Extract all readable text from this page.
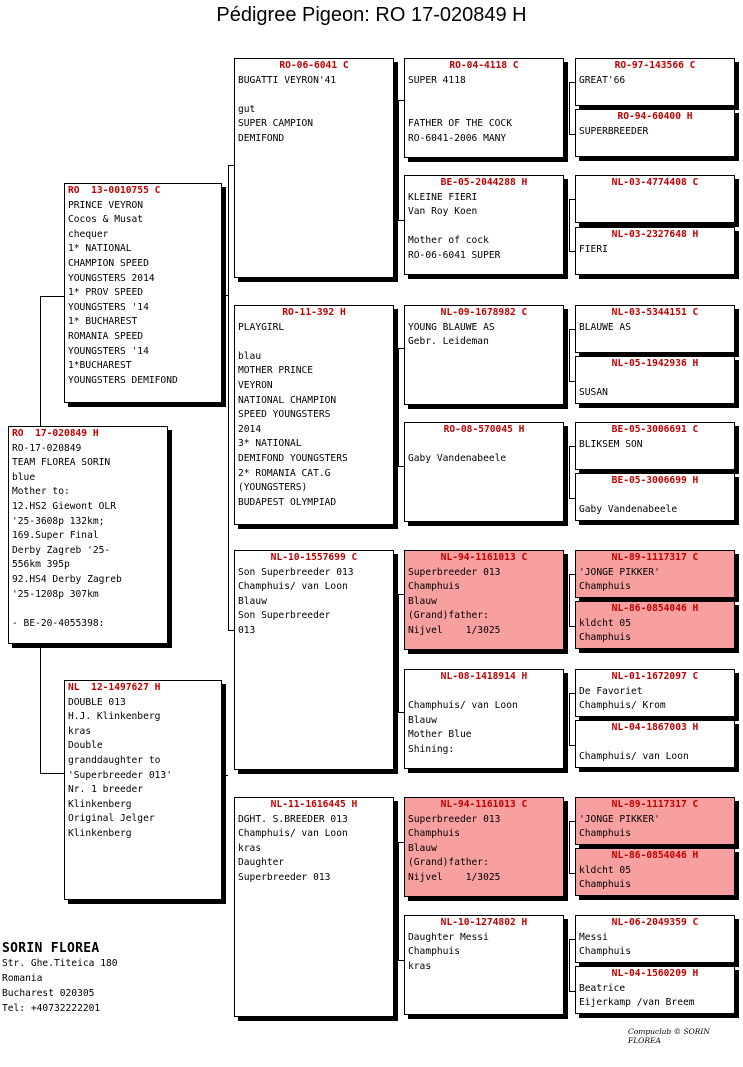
Pédigree Pigeon: RO 17-020849 H
RO  17-020849 H
RO-17-020849
TEAM FLOREA SORIN
blue
Mother to:
12.HS2 Giewont OLR
'25-3608p 132km;
169.Super Final
Derby Zagreb '25-
556km 395p
92.HS4 Derby Zagreb
'25-1208p 307km

- BE-20-4055398:
RO  13-0010755 C
PRINCE VEYRON
Cocos & Musat
chequer
1* NATIONAL
CHAMPION SPEED
YOUNGSTERS 2014
1* PROV SPEED
YOUNGSTERS '14
1* BUCHAREST
ROMANIA SPEED
YOUNGSTERS '14
1*BUCHAREST
YOUNGSTERS DEMIFOND
NL  12-1497627 H
DOUBLE 013
H.J. Klinkenberg
kras
Double
granddaughter to
'Superbreeder 013'
Nr. 1 breeder
Klinkenberg
Original Jelger
Klinkenberg
RO-06-6041 C
BUGATTI VEYRON'41

gut
SUPER CAMPION
DEMIFOND
RO-11-392 H
PLAYGIRL

blau
MOTHER PRINCE
VEYRON
NATIONAL CHAMPION
SPEED YOUNGSTERS
2014
3* NATIONAL
DEMIFOND YOUNGSTERS
2* ROMANIA CAT.G
(YOUNGSTERS)
BUDAPEST OLYMPIAD
NL-10-1557699 C
Son Superbreeder 013
Champhuis/ van Loon
Blauw
Son Superbreeder
013
NL-11-1616445 H
DGHT. S.BREEDER 013
Champhuis/ van Loon
kras
Daughter
Superbreeder 013
RO-04-4118 C
SUPER 4118

FATHER OF THE COCK
RO-6041-2006 MANY
BE-05-2044288 H
KLEINE FIERI
Van Roy Koen

Mother of cock
RO-06-6041 SUPER
NL-09-1678982 C
YOUNG BLAUWE AS
Gebr. Leideman
RO-08-570045 H

Gaby Vandenabeele
NL-94-1161013 C
Superbreeder 013
Champhuis
Blauw
(Grand)father:
Nijvel    1/3025
NL-08-1418914 H

Champhuis/ van Loon
Blauw
Mother Blue
Shining:
NL-94-1161013 C
Superbreeder 013
Champhuis
Blauw
(Grand)father:
Nijvel    1/3025
NL-10-1274802 H
Daughter Messi
Champhuis
kras
RO-97-143566 C
GREAT'66
RO-94-60400 H
SUPERBREEDER
NL-03-4774408 C
NL-03-2327648 H
FIERI
NL-03-5344151 C
BLAUWE AS
NL-05-1942936 H

SUSAN
BE-05-3006691 C
BLIKSEM SON
BE-05-3006699 H

Gaby Vandenabeele
NL-89-1117317 C
'JONGE PIKKER'
Champhuis
NL-86-0854046 H
kldcht 05
Champhuis
NL-01-1672097 C
De Favoriet
Champhuis/ Krom
NL-04-1867003 H

Champhuis/ van Loon
NL-89-1117317 C
'JONGE PIKKER'
Champhuis
NL-86-0854046 H
kldcht 05
Champhuis
NL-06-2049359 C
Messi
Champhuis
NL-04-1560209 H
Beatrice
Eijerkamp /van Breem
SORIN FLOREA
Str. Ghe.Titeica 180
Romania
Bucharest 020305
Tel: +40732222201
Compuclub © SORIN FLOREA
